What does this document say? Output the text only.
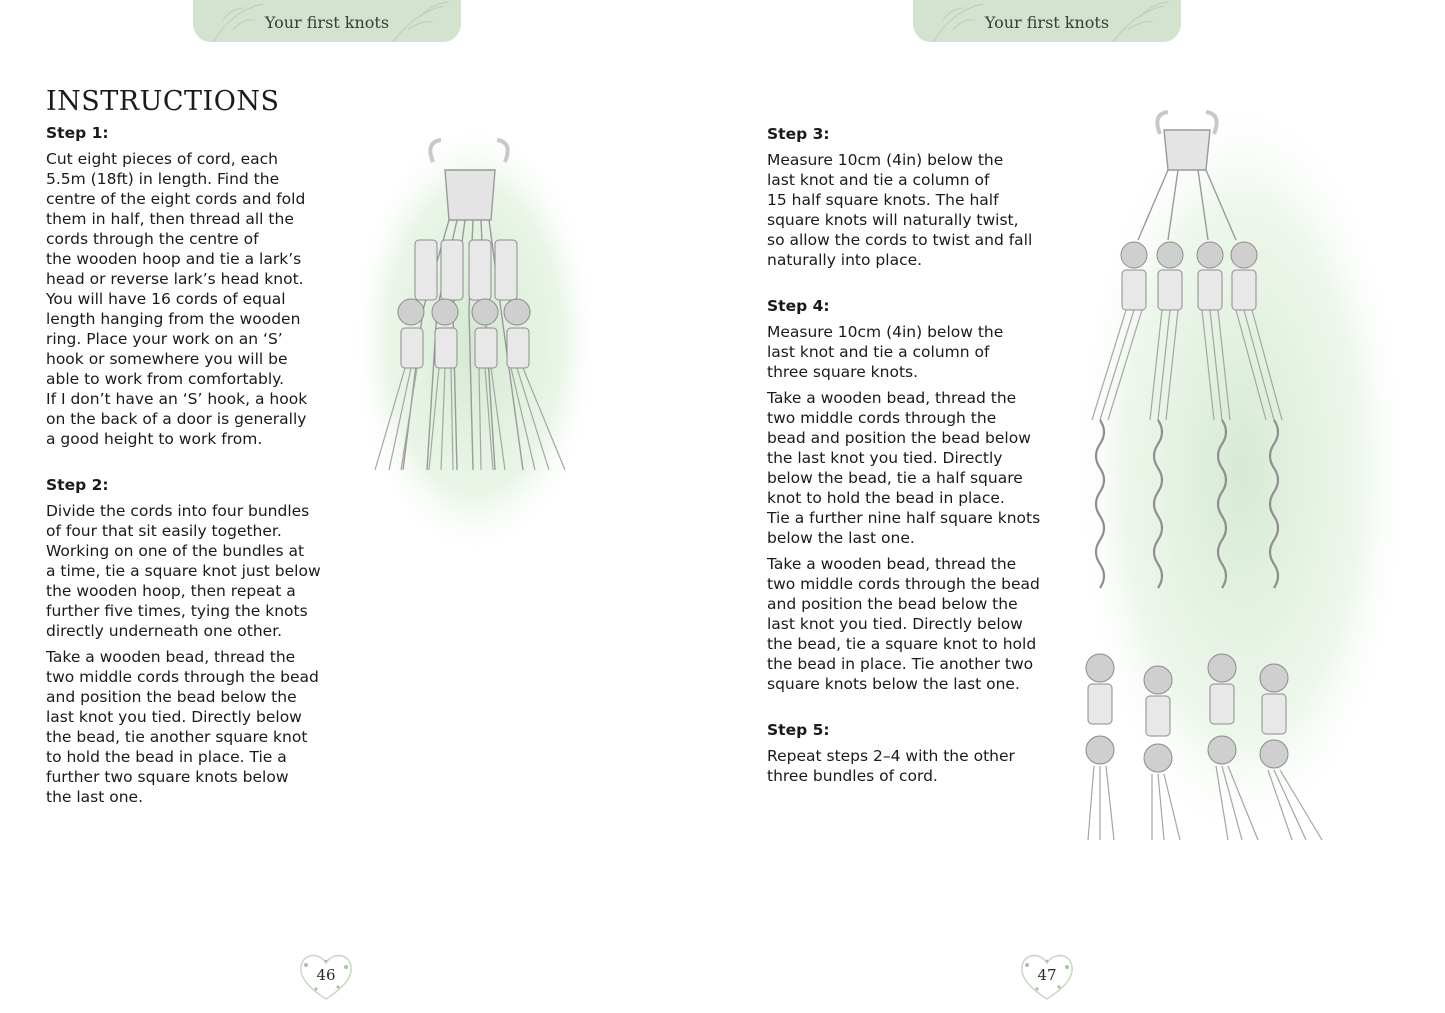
Your first knots
INSTRUCTIONS
Step 1:
Cut eight pieces of cord, each
5.5m (18ft) in length. Find the
centre of the eight cords and fold
them in half, then thread all the
cords through the centre of
the wooden hoop and tie a lark’s
head or reverse lark’s head knot.
You will have 16 cords of equal
length hanging from the wooden
ring. Place your work on an ‘S’
hook or somewhere you will be
able to work from comfortably.
If I don’t have an ‘S’ hook, a hook
on the back of a door is generally
a good height to work from.
Step 2:
Divide the cords into four bundles
of four that sit easily together.
Working on one of the bundles at
a time, tie a square knot just below
the wooden hoop, then repeat a
further five times, tying the knots
directly underneath one other.
Take a wooden bead, thread the
two middle cords through the bead
and position the bead below the
last knot you tied. Directly below
the bead, tie another square knot
to hold the bead in place. Tie a
further two square knots below
the last one.
46
Your first knots
Step 3:
Measure 10cm (4in) below the
last knot and tie a column of
15 half square knots. The half
square knots will naturally twist,
so allow the cords to twist and fall
naturally into place.
Step 4:
Measure 10cm (4in) below the
last knot and tie a column of
three square knots.
Take a wooden bead, thread the
two middle cords through the
bead and position the bead below
the last knot you tied. Directly
below the bead, tie a half square
knot to hold the bead in place.
Tie a further nine half square knots
below the last one.
Take a wooden bead, thread the
two middle cords through the bead
and position the bead below the
last knot you tied. Directly below
the bead, tie a square knot to hold
the bead in place. Tie another two
square knots below the last one.
Step 5:
Repeat steps 2–4 with the other
three bundles of cord.
47
